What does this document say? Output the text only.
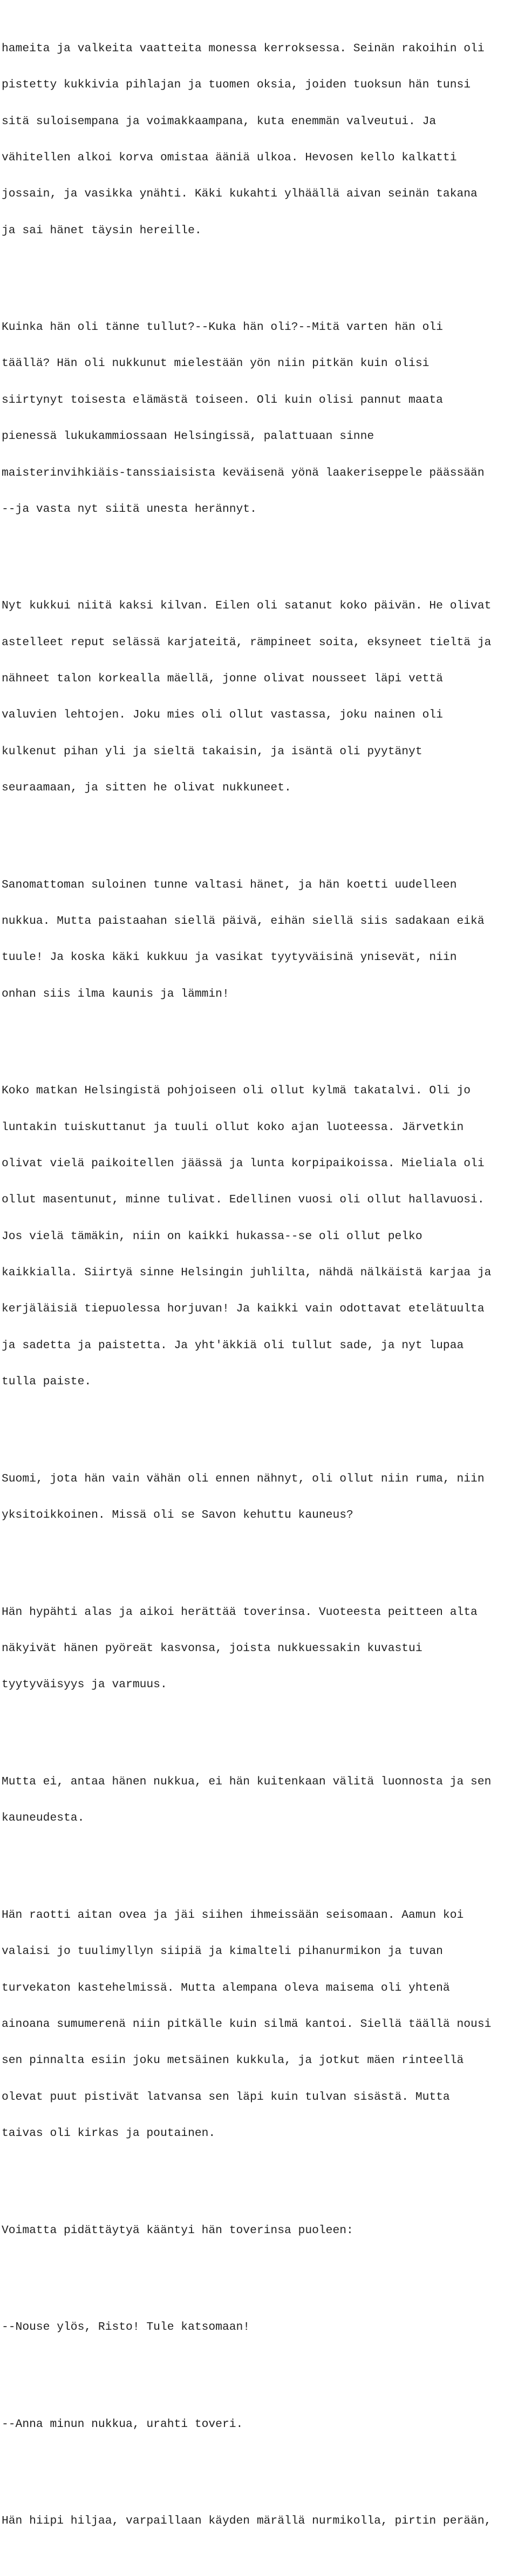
hameita ja valkeita vaatteita monessa kerroksessa. Seinän rakoihin oli

pistetty kukkivia pihlajan ja tuomen oksia, joiden tuoksun hän tunsi

sitä suloisempana ja voimakkaampana, kuta enemmän valveutui. Ja

vähitellen alkoi korva omistaa ääniä ulkoa. Hevosen kello kalkatti

jossain, ja vasikka ynähti. Käki kukahti ylhäällä aivan seinän takana

ja sai hänet täysin hereille.

Kuinka hän oli tänne tullut?--Kuka hän oli?--Mitä varten hän oli

täällä? Hän oli nukkunut mielestään yön niin pitkän kuin olisi

siirtynyt toisesta elämästä toiseen. Oli kuin olisi pannut maata

pienessä lukukammiossaan Helsingissä, palattuaan sinne

maisterinvihkiäis-tanssiaisista keväisenä yönä laakeriseppele päässään

--ja vasta nyt siitä unesta herännyt.

Nyt kukkui niitä kaksi kilvan. Eilen oli satanut koko päivän. He olivat

astelleet reput selässä karjateitä, rämpineet soita, eksyneet tieltä ja

nähneet talon korkealla mäellä, jonne olivat nousseet läpi vettä

valuvien lehtojen. Joku mies oli ollut vastassa, joku nainen oli

kulkenut pihan yli ja sieltä takaisin, ja isäntä oli pyytänyt

seuraamaan, ja sitten he olivat nukkuneet.

Sanomattoman suloinen tunne valtasi hänet, ja hän koetti uudelleen

nukkua. Mutta paistaahan siellä päivä, eihän siellä siis sadakaan eikä

tuule! Ja koska käki kukkuu ja vasikat tyytyväisinä ynisevät, niin

onhan siis ilma kaunis ja lämmin!

Koko matkan Helsingistä pohjoiseen oli ollut kylmä takatalvi. Oli jo

luntakin tuiskuttanut ja tuuli ollut koko ajan luoteessa. Järvetkin

olivat vielä paikoitellen jäässä ja lunta korpipaikoissa. Mieliala oli

ollut masentunut, minne tulivat. Edellinen vuosi oli ollut hallavuosi.

Jos vielä tämäkin, niin on kaikki hukassa--se oli ollut pelko

kaikkialla. Siirtyä sinne Helsingin juhlilta, nähdä nälkäistä karjaa ja

kerjäläisiä tiepuolessa horjuvan! Ja kaikki vain odottavat etelätuulta

ja sadetta ja paistetta. Ja yht'äkkiä oli tullut sade, ja nyt lupaa

tulla paiste.

Suomi, jota hän vain vähän oli ennen nähnyt, oli ollut niin ruma, niin

yksitoikkoinen. Missä oli se Savon kehuttu kauneus?

Hän hypähti alas ja aikoi herättää toverinsa. Vuoteesta peitteen alta

näkyivät hänen pyöreät kasvonsa, joista nukkuessakin kuvastui

tyytyväisyys ja varmuus.

Mutta ei, antaa hänen nukkua, ei hän kuitenkaan välitä luonnosta ja sen

kauneudesta.

Hän raotti aitan ovea ja jäi siihen ihmeissään seisomaan. Aamun koi

valaisi jo tuulimyllyn siipiä ja kimalteli pihanurmikon ja tuvan

turvekaton kastehelmissä. Mutta alempana oleva maisema oli yhtenä

ainoana sumumerenä niin pitkälle kuin silmä kantoi. Siellä täällä nousi

sen pinnalta esiin joku metsäinen kukkula, ja jotkut mäen rinteellä

olevat puut pistivät latvansa sen läpi kuin tulvan sisästä. Mutta

taivas oli kirkas ja poutainen.

Voimatta pidättäytyä kääntyi hän toverinsa puoleen:

--Nouse ylös, Risto! Tule katsomaan!

--Anna minun nukkua, urahti toveri.

Hän hiipi hiljaa, varpaillaan käyden märällä nurmikolla, pirtin perään,
